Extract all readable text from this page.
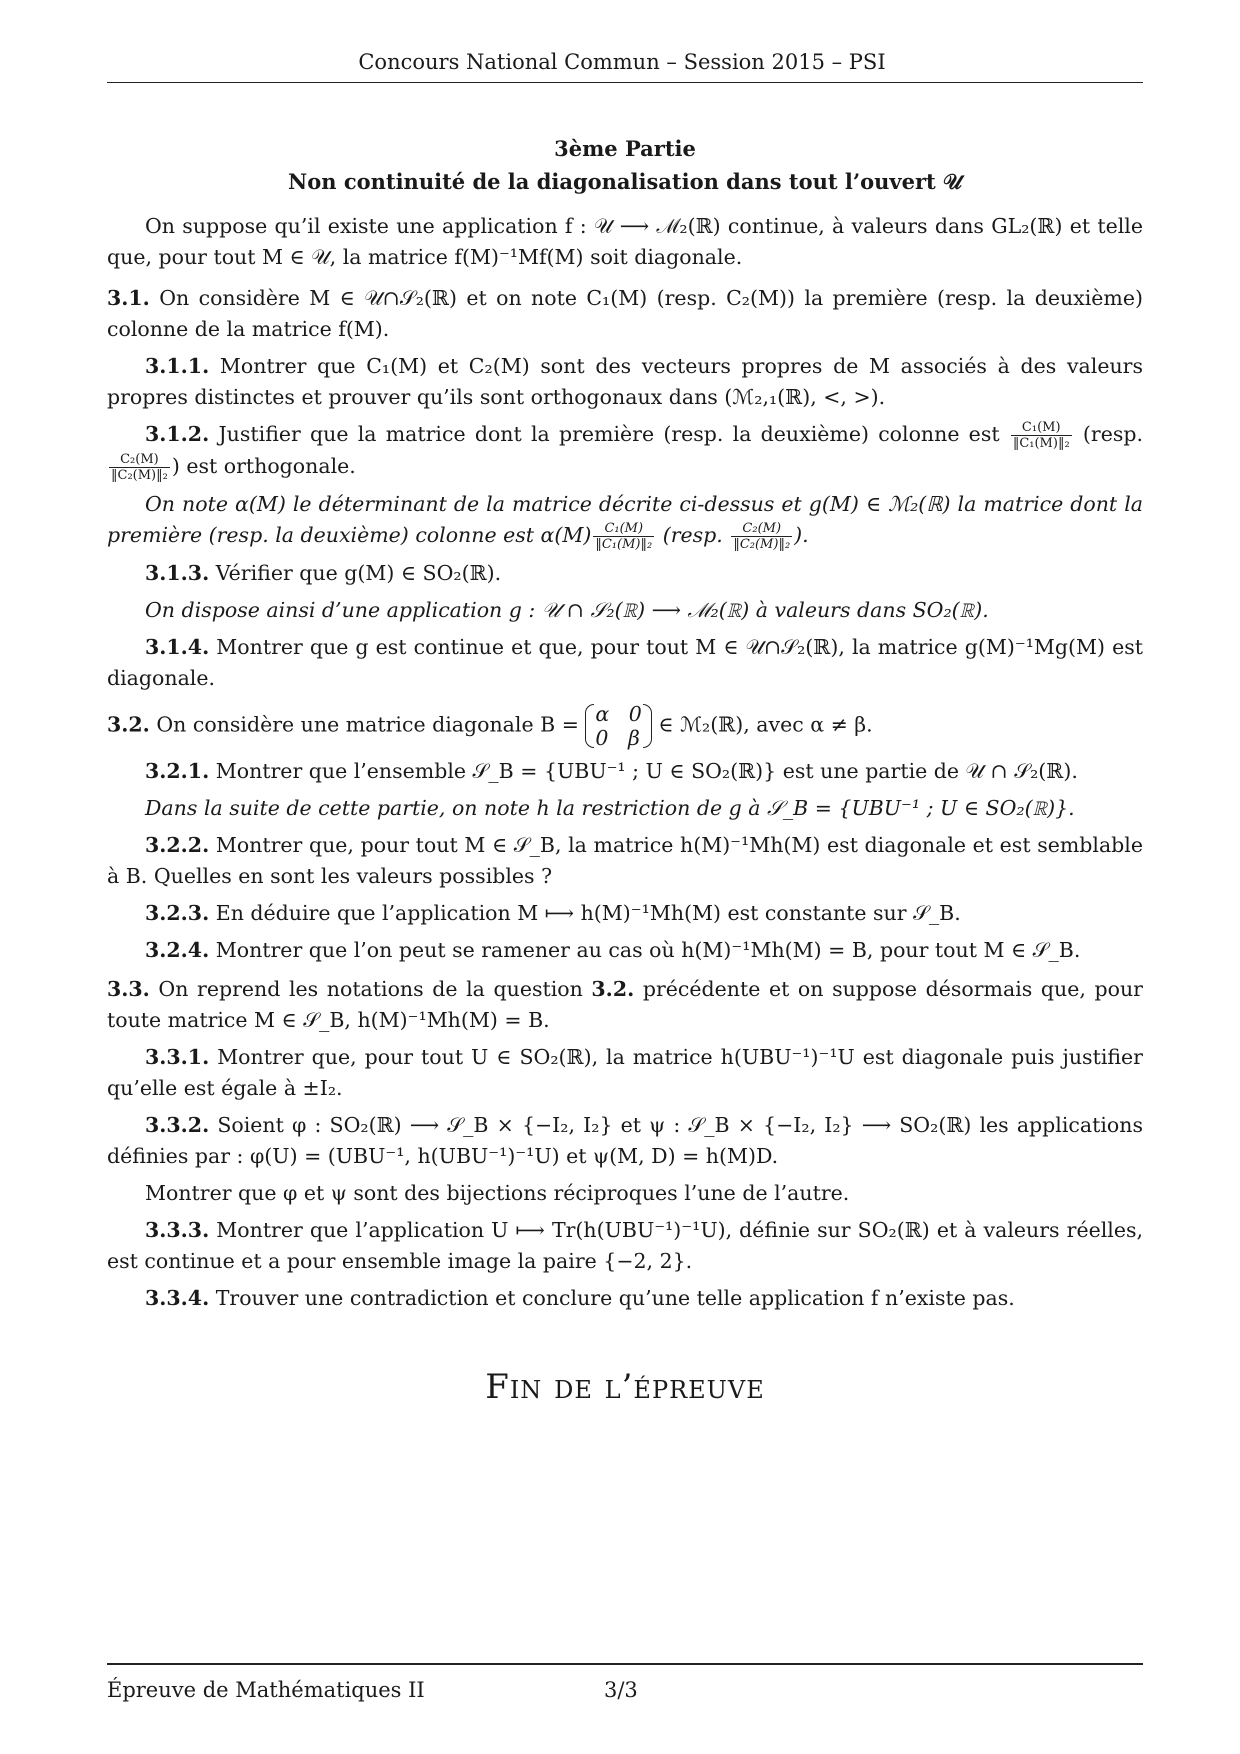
Concours National Commun – Session 2015 – PSI

3ème Partie

Non continuité de la diagonalisation dans tout l’ouvert 𝒰

On suppose qu’il existe une application f : 𝒰 ⟶ ℳ₂(ℝ) continue, à valeurs dans GL₂(ℝ) et telle que, pour tout M ∈ 𝒰, la matrice f(M)⁻¹Mf(M) soit diagonale.

3.1. On considère M ∈ 𝒰∩𝒮₂(ℝ) et on note C₁(M) (resp. C₂(M)) la première (resp. la deuxième) colonne de la matrice f(M).

3.1.1. Montrer que C₁(M) et C₂(M) sont des vecteurs propres de M associés à des valeurs propres distinctes et prouver qu’ils sont orthogonaux dans (ℳ₂,₁(ℝ), <, >).

3.1.2. Justifier que la matrice dont la première (resp. la deuxième) colonne est $\frac{\text{C₁(M)}}{\text{‖C₁(M)‖₂}}$ (resp.
$\frac{\text{C₂(M)}}{\text{‖C₂(M)‖₂}}$ ) est orthogonale.

On note α(M) le déterminant de la matrice décrite ci-dessus et g(M) ∈ ℳ₂(ℝ) la matrice dont la première (resp. la deuxième) colonne est $\alpha(M) \frac{\text{C₁(M)}}{\text{‖C₁(M)‖₂}}$ (resp. $\frac{\text{C₂(M)}}{\text{‖C₂(M)‖₂}}$ ).

3.1.3. Vérifier que g(M) ∈ SO₂(ℝ).

On dispose ainsi d’une application g : 𝒰 ∩ 𝒮₂(ℝ) ⟶ ℳ₂(ℝ) à valeurs dans SO₂(ℝ).

3.1.4. Montrer que g est continue et que, pour tout M ∈ 𝒰∩𝒮₂(ℝ), la matrice g(M)⁻¹Mg(M) est diagonale.

3.2. On considère une matrice diagonale B = α   0
0   β
∈ ℳ₂(ℝ), avec α ≠ β.

3.2.1. Montrer que l’ensemble 𝒮_B = {UBU⁻¹ ; U ∈ SO₂(ℝ)} est une partie de 𝒰 ∩ 𝒮₂(ℝ).

Dans la suite de cette partie, on note h la restriction de g à 𝒮_B = {UBU⁻¹ ; U ∈ SO₂(ℝ)}.

3.2.2. Montrer que, pour tout M ∈ 𝒮_B, la matrice h(M)⁻¹Mh(M) est diagonale et est semblable à B. Quelles en sont les valeurs possibles ?

3.2.3. En déduire que l’application M ⟼ h(M)⁻¹Mh(M) est constante sur 𝒮_B.

3.2.4. Montrer que l’on peut se ramener au cas où h(M)⁻¹Mh(M) = B, pour tout M ∈ 𝒮_B.

3.3. On reprend les notations de la question 3.2. précédente et on suppose désormais que, pour toute matrice M ∈ 𝒮_B, h(M)⁻¹Mh(M) = B.

3.3.1. Montrer que, pour tout U ∈ SO₂(ℝ), la matrice h(UBU⁻¹)⁻¹U est diagonale puis justifier qu’elle est égale à ±I₂.

3.3.2. Soient φ : SO₂(ℝ) ⟶ 𝒮_B × {−I₂, I₂} et ψ : 𝒮_B × {−I₂, I₂} ⟶ SO₂(ℝ) les applications définies par : φ(U) = (UBU⁻¹, h(UBU⁻¹)⁻¹U) et ψ(M, D) = h(M)D.

Montrer que φ et ψ sont des bijections réciproques l’une de l’autre.

3.3.3. Montrer que l’application U ⟼ Tr(h(UBU⁻¹)⁻¹U), définie sur SO₂(ℝ) et à valeurs réelles, est continue et a pour ensemble image la paire {−2, 2}.

3.3.4. Trouver une contradiction et conclure qu’une telle application f n’existe pas.

Fin de l’épreuve

Épreuve de Mathématiques II	3/3
